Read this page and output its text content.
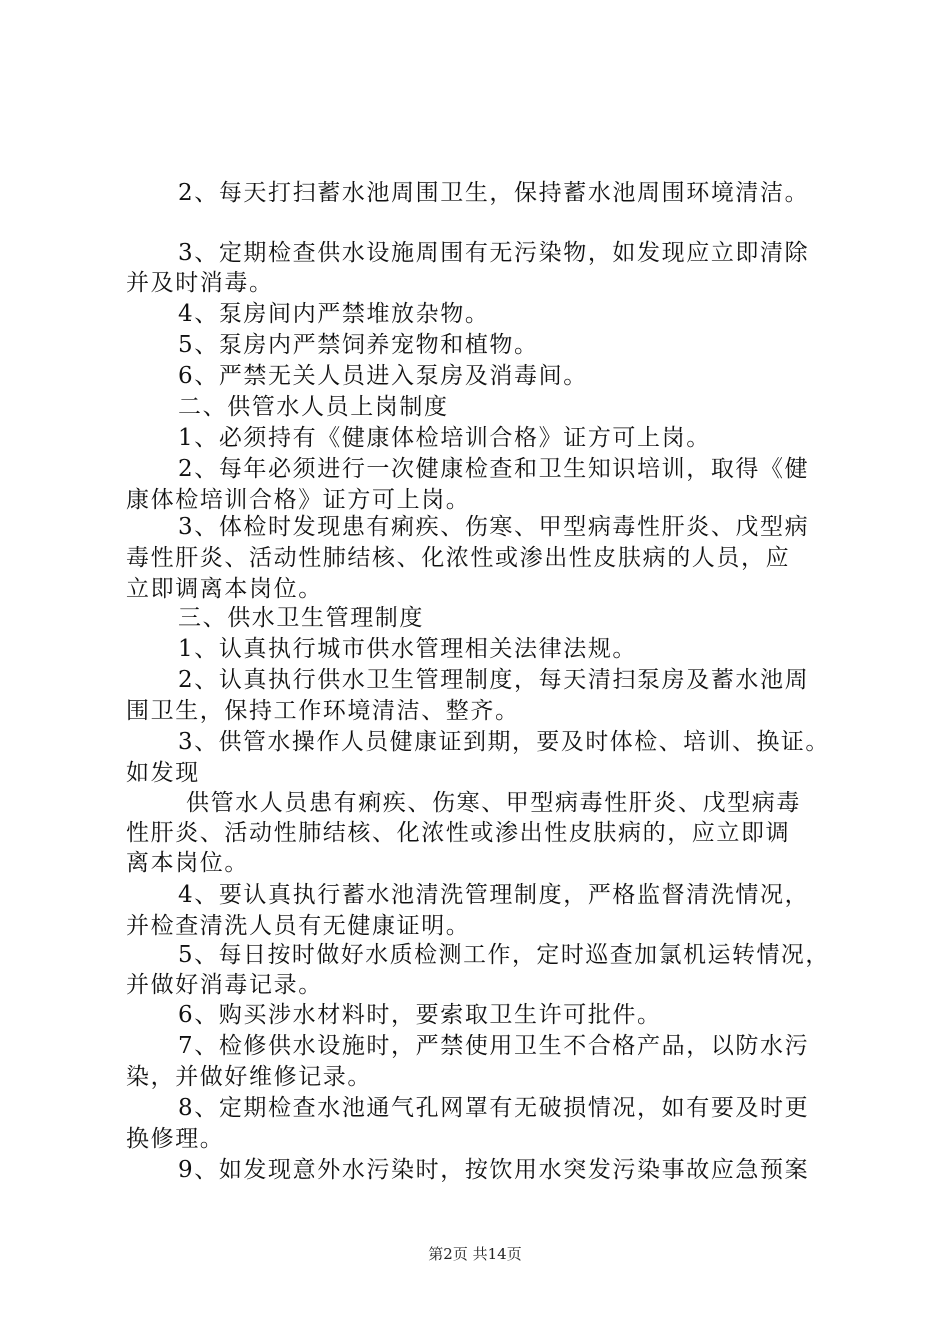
2、每天打扫蓄水池周围卫生，保持蓄水池周围环境清洁。
3、定期检查供水设施周围有无污染物，如发现应立即清除
并及时消毒。
4、泵房间内严禁堆放杂物。
5、泵房内严禁饲养宠物和植物。
6、严禁无关人员进入泵房及消毒间。
二、供管水人员上岗制度
1、必须持有《健康体检培训合格》证方可上岗。
2、每年必须进行一次健康检查和卫生知识培训，取得《健
康体检培训合格》证方可上岗。
3、体检时发现患有痢疾、伤寒、甲型病毒性肝炎、戊型病
毒性肝炎、活动性肺结核、化浓性或渗出性皮肤病的人员，应
立即调离本岗位。
三、供水卫生管理制度
1、认真执行城市供水管理相关法律法规。
2、认真执行供水卫生管理制度，每天清扫泵房及蓄水池周
围卫生，保持工作环境清洁、整齐。
3、供管水操作人员健康证到期，要及时体检、培训、换证。
如发现
供管水人员患有痢疾、伤寒、甲型病毒性肝炎、戊型病毒
性肝炎、活动性肺结核、化浓性或渗出性皮肤病的，应立即调
离本岗位。
4、要认真执行蓄水池清洗管理制度，严格监督清洗情况，
并检查清洗人员有无健康证明。
5、每日按时做好水质检测工作，定时巡查加氯机运转情况，
并做好消毒记录。
6、购买涉水材料时，要索取卫生许可批件。
7、检修供水设施时，严禁使用卫生不合格产品，以防水污
染，并做好维修记录。
8、定期检查水池通气孔网罩有无破损情况，如有要及时更
换修理。
9、如发现意外水污染时，按饮用水突发污染事故应急预案
第2页 共14页
